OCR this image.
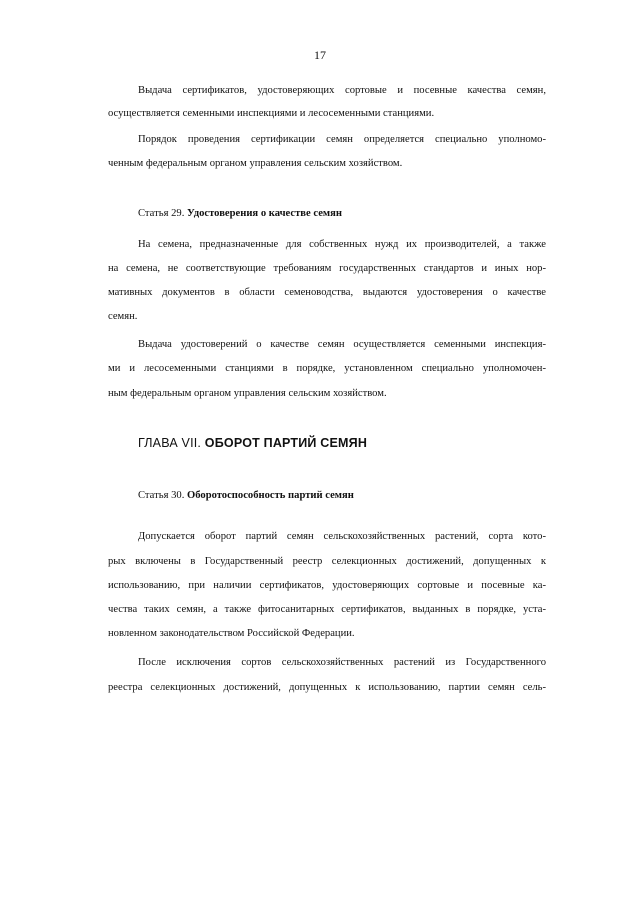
17
Выдача сертификатов, удостоверяющих сортовые и посевные качества семян,
осуществляется семенными инспекциями и лесосеменными станциями.
Порядок проведения сертификации семян определяется специально уполномо-
ченным федеральным органом управления сельским хозяйством.
Статья 29. Удостоверения о качестве семян
На семена, предназначенные для собственных нужд их производителей, а также
на семена, не соответствующие требованиям государственных стандартов и иных нор-
мативных документов в области семеноводства, выдаются удостоверения о качестве
семян.
Выдача удостоверений о качестве семян осуществляется семенными инспекция-
ми и лесосеменными станциями в порядке, установленном специально уполномочен-
ным федеральным органом управления сельским хозяйством.
ГЛАВА VII. ОБОРОТ ПАРТИЙ СЕМЯН
Статья 30. Оборотоспособность партий семян
Допускается оборот партий семян сельскохозяйственных растений, сорта кото-
рых включены в Государственный реестр селекционных достижений, допущенных к
использованию, при наличии сертификатов, удостоверяющих сортовые и посевные ка-
чества таких семян, а также фитосанитарных сертификатов, выданных в порядке, уста-
новленном законодательством Российской Федерации.
После исключения сортов сельскохозяйственных растений из Государственного
реестра селекционных достижений, допущенных к использованию, партии семян сель-
